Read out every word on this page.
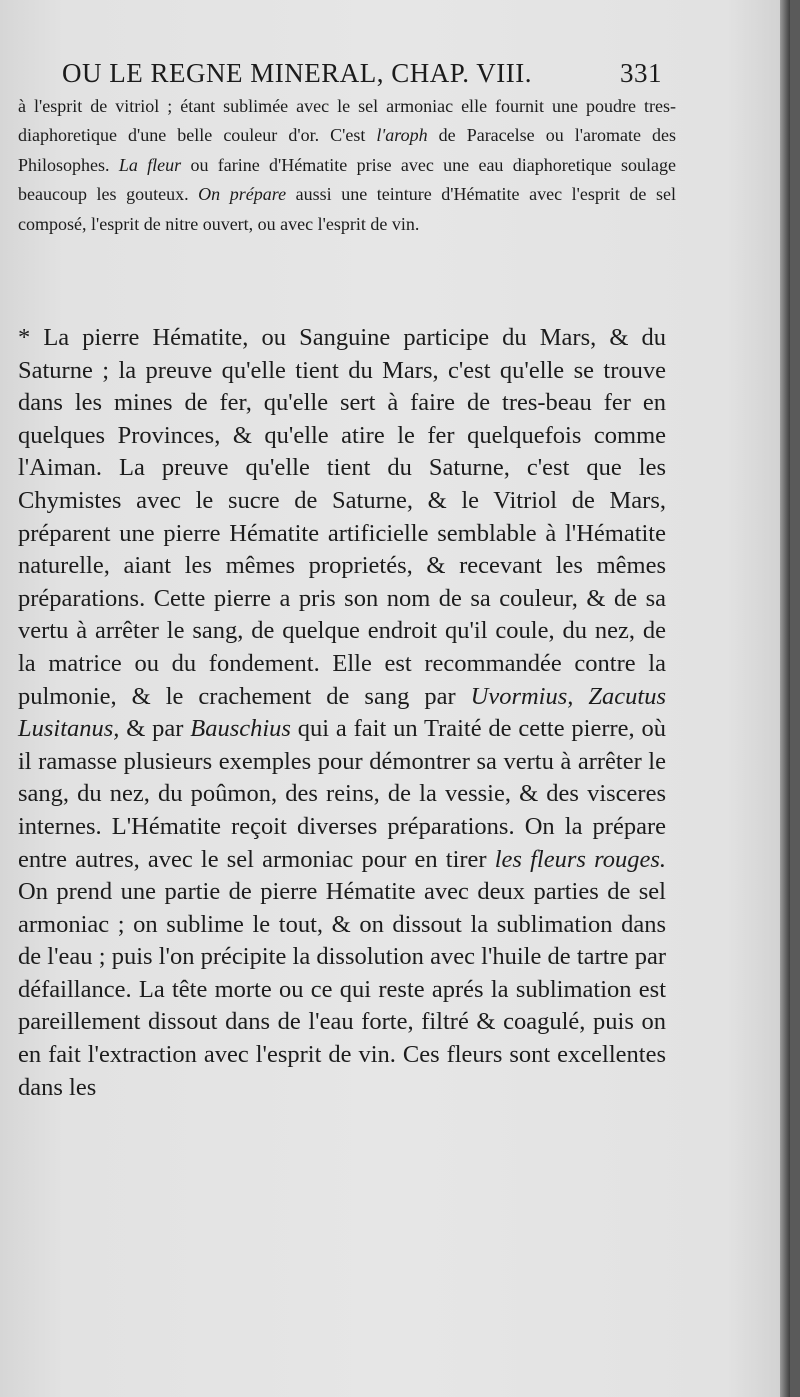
OU LE REGNE MINERAL, CHAP. VIII.	331

à l'esprit de vitriol ; étant sublimée avec le sel armoniac elle fournit une poudre tres-diaphoretique d'une belle couleur d'or. C'est l'aroph de Paracelse ou l'aromate des Philosophes. La fleur ou farine d'Hématite prise avec une eau diaphoretique soulage beaucoup les gouteux. On prépare aussi une teinture d'Hématite avec l'esprit de sel composé, l'esprit de nitre ouvert, ou avec l'esprit de vin.

* La pierre Hématite, ou Sanguine participe du Mars, & du Saturne ; la preuve qu'elle tient du Mars, c'est qu'elle se trouve dans les mines de fer, qu'elle sert à faire de tres-beau fer en quelques Provinces, & qu'elle atire le fer quelquefois comme l'Aiman. La preuve qu'elle tient du Saturne, c'est que les Chymistes avec le sucre de Saturne, & le Vitriol de Mars, préparent une pierre Hématite artificielle semblable à l'Hématite naturelle, aiant les mêmes proprietés, & recevant les mêmes préparations. Cette pierre a pris son nom de sa couleur, & de sa vertu à arrêter le sang, de quelque endroit qu'il coule, du nez, de la matrice ou du fondement. Elle est recommandée contre la pulmonie, & le crachement de sang par Uvormius, Zacutus Lusitanus, & par Bauschius qui a fait un Traité de cette pierre, où il ramasse plusieurs exemples pour démontrer sa vertu à arrêter le sang, du nez, du poûmon, des reins, de la vessie, & des visceres internes. L'Hématite reçoit diverses préparations. On la prépare entre autres, avec le sel armoniac pour en tirer les fleurs rouges. On prend une partie de pierre Hématite avec deux parties de sel armoniac ; on sublime le tout, & on dissout la sublimation dans de l'eau ; puis l'on précipite la dissolution avec l'huile de tartre par défaillance. La tête morte ou ce qui reste aprés la sublimation est pareillement dissout dans de l'eau forte, filtré & coagulé, puis on en fait l'extraction avec l'esprit de vin. Ces fleurs sont excellentes dans les
